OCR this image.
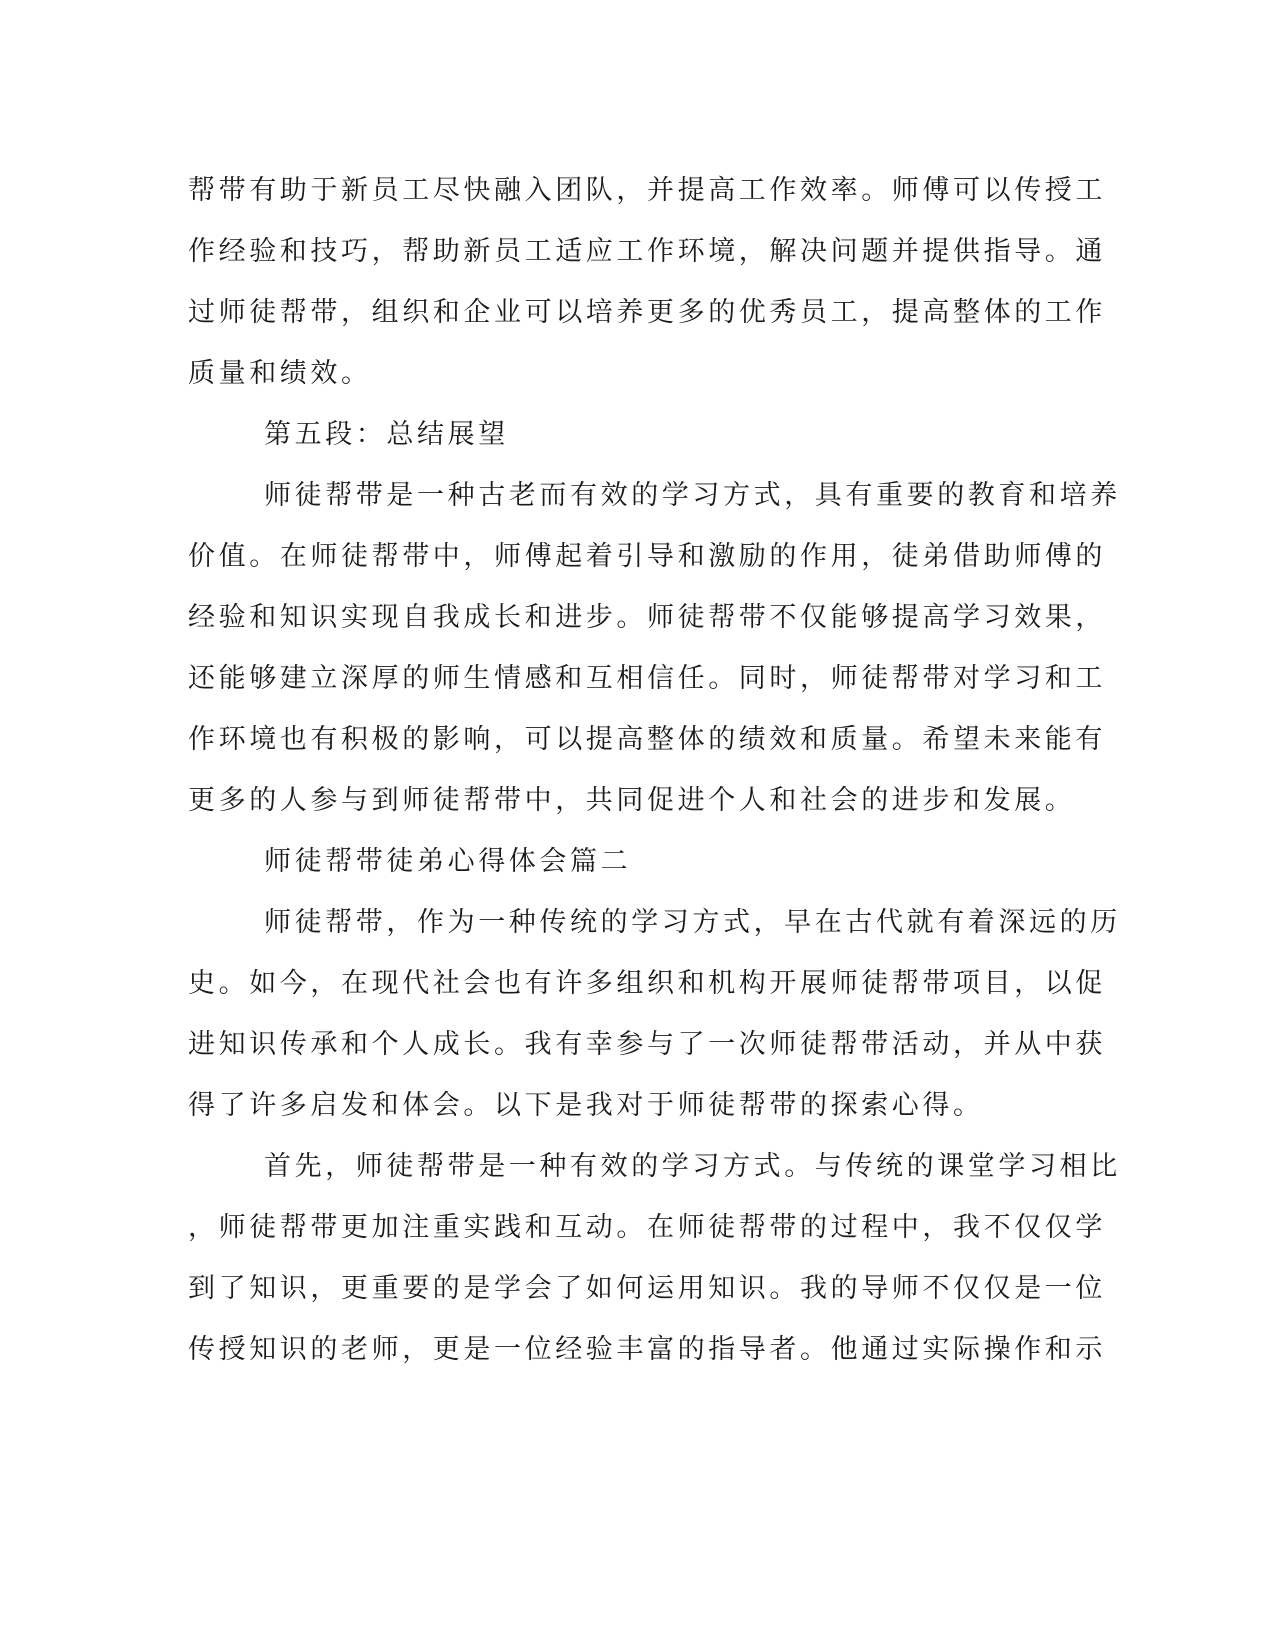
帮带有助于新员工尽快融入团队，并提高工作效率。师傅可以传授工
作经验和技巧，帮助新员工适应工作环境，解决问题并提供指导。通
过师徒帮带，组织和企业可以培养更多的优秀员工，提高整体的工作
质量和绩效。
第五段：总结展望
师徒帮带是一种古老而有效的学习方式，具有重要的教育和培养
价值。在师徒帮带中，师傅起着引导和激励的作用，徒弟借助师傅的
经验和知识实现自我成长和进步。师徒帮带不仅能够提高学习效果，
还能够建立深厚的师生情感和互相信任。同时，师徒帮带对学习和工
作环境也有积极的影响，可以提高整体的绩效和质量。希望未来能有
更多的人参与到师徒帮带中，共同促进个人和社会的进步和发展。
师徒帮带徒弟心得体会篇二
师徒帮带，作为一种传统的学习方式，早在古代就有着深远的历
史。如今，在现代社会也有许多组织和机构开展师徒帮带项目，以促
进知识传承和个人成长。我有幸参与了一次师徒帮带活动，并从中获
得了许多启发和体会。以下是我对于师徒帮带的探索心得。
首先，师徒帮带是一种有效的学习方式。与传统的课堂学习相比
，师徒帮带更加注重实践和互动。在师徒帮带的过程中，我不仅仅学
到了知识，更重要的是学会了如何运用知识。我的导师不仅仅是一位
传授知识的老师，更是一位经验丰富的指导者。他通过实际操作和示
